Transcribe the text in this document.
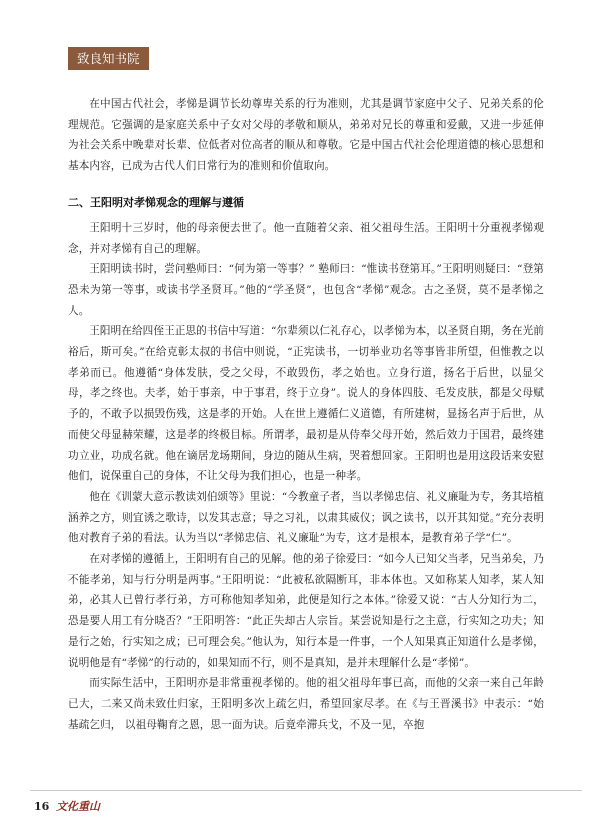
致良知书院

在中国古代社会，孝悌是调节长幼尊卑关系的行为准则，尤其是调节家庭中父子、兄弟关系的伦理规范。它强调的是家庭关系中子女对父母的孝敬和顺从，弟弟对兄长的尊重和爱戴，又进一步延伸为社会关系中晚辈对长辈、位低者对位高者的顺从和尊敬。它是中国古代社会伦理道德的核心思想和基本内容，已成为古代人们日常行为的准则和价值取向。

二、王阳明对孝悌观念的理解与遵循

王阳明十三岁时，他的母亲便去世了。他一直随着父亲、祖父祖母生活。王阳明十分重视孝悌观念，并对孝悌有自己的理解。

王阳明读书时，尝问塾师曰：“何为第一等事？” 塾师曰：“惟读书登第耳。”王阳明则疑曰：“登第恐未为第一等事，或读书学圣贤耳。”他的“学圣贤”，也包含“孝悌”观念。古之圣贤，莫不是孝悌之人。

王阳明在给四侄王正思的书信中写道：“尔辈须以仁礼存心，以孝悌为本，以圣贤自期，务在光前裕后，斯可矣。”在给克彰太叔的书信中则说，“正宪读书，一切举业功名等事皆非所望，但惟教之以孝弟而已。他遵循“身体发肤，受之父母，不敢毁伤，孝之始也。立身行道，扬名于后世，以显父母，孝之终也。夫孝，始于事亲，中于事君，终于立身”。说人的身体四肢、毛发皮肤，都是父母赋予的，不敢予以损毁伤残，这是孝的开始。人在世上遵循仁义道德，有所建树，显扬名声于后世，从而使父母显赫荣耀，这是孝的终极目标。所谓孝，最初是从侍奉父母开始，然后效力于国君，最终建功立业，功成名就。他在谪居龙场期间，身边的随从生病，哭着想回家。王阳明也是用这段话来安慰他们，说保重自己的身体，不让父母为我们担心，也是一种孝。

他在《训蒙大意示教读刘伯颂等》里说：“今教童子者，当以孝悌忠信、礼义廉耻为专，务其培植涵养之方，则宜诱之歌诗，以发其志意；导之习礼，以肃其威仪；讽之读书，以开其知觉。”充分表明他对教育子弟的看法。认为当以“孝悌忠信、礼义廉耻”为专，这才是根本，是教育弟子学“仁”。

在对孝悌的遵循上，王阳明有自己的见解。他的弟子徐爱曰：“如今人已知父当孝，兄当弟矣，乃不能孝弟，知与行分明是两事。”王阳明说：“此被私欲隔断耳，非本体也。又如称某人知孝，某人知弟，必其人已曾行孝行弟，方可称他知孝知弟，此便是知行之本体。”徐爱又说：“古人分知行为二，恐是要人用工有分晓否？”王阳明答：“此正失却古人宗旨。某尝说知是行之主意，行实知之功夫；知是行之始，行实知之成；已可理会矣。”他认为，知行本是一件事，一个人知果真正知道什么是孝悌，说明他是有“孝悌”的行动的，如果知而不行，则不是真知，是并未理解什么是“孝悌”。

而实际生活中，王阳明亦是非常重视孝悌的。他的祖父祖母年事已高，而他的父亲一来自己年龄已大，二来又尚未致仕归家，王阳明多次上疏乞归，希望回家尽孝。在《与王晋溪书》中表示：“始基疏乞归， 以祖母鞠育之恩，思一面为诀。后竟牵滞兵戈，不及一见，卒抱

16 文化重山
